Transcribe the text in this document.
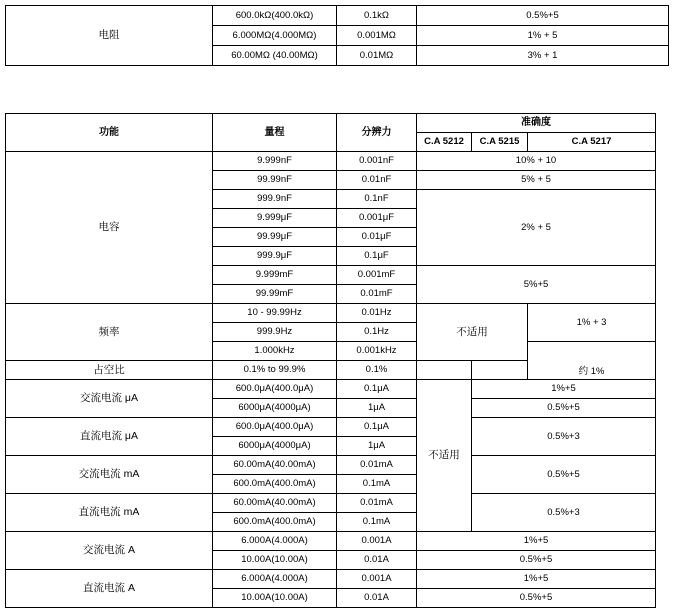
电阻	600.0kΩ(400.0kΩ)	0.1kΩ	0.5%+5
	6.000MΩ(4.000MΩ)	0.001MΩ	1% + 5
	60.00MΩ (40.00MΩ)	0.01MΩ	3% + 1
功能	量程	分辨力	准确度		
			C.A 5212	C.A 5215	C.A 5217
电容	9.999nF	0.001nF	10% + 10		
	99.99nF	0.01nF	5% + 5		
	999.9nF	0.1nF	2% + 5		
	9.999μF	0.001μF			
	99.99μF	0.01μF			
	999.9μF	0.1μF			
	9.999mF	0.001mF	5%+5		
	99.99mF	0.01mF			
频率	10 - 99.99Hz	0.01Hz	不适用		1% + 3
	999.9Hz	0.1Hz			
	1.000kHz	0.001kHz			约 1%
占空比	0.1% to 99.9%	0.1%			
交流电流 μA	600.0μA(400.0μA)	0.1μA	不适用	1%+5	
	6000μA(4000μA)	1μA		0.5%+5	
直流电流 μA	600.0μA(400.0μA)	0.1μA		0.5%+3	
	6000μA(4000μA)	1μA			
交流电流 mA	60.00mA(40.00mA)	0.01mA		0.5%+5	
	600.0mA(400.0mA)	0.1mA			
直流电流 mA	60.00mA(40.00mA)	0.01mA		0.5%+3	
	600.0mA(400.0mA)	0.1mA			
交流电流 A	6.000A(4.000A)	0.001A	1%+5		
	10.00A(10.00A)	0.01A	0.5%+5		
直流电流 A	6.000A(4.000A)	0.001A	1%+5		
	10.00A(10.00A)	0.01A	0.5%+5		
